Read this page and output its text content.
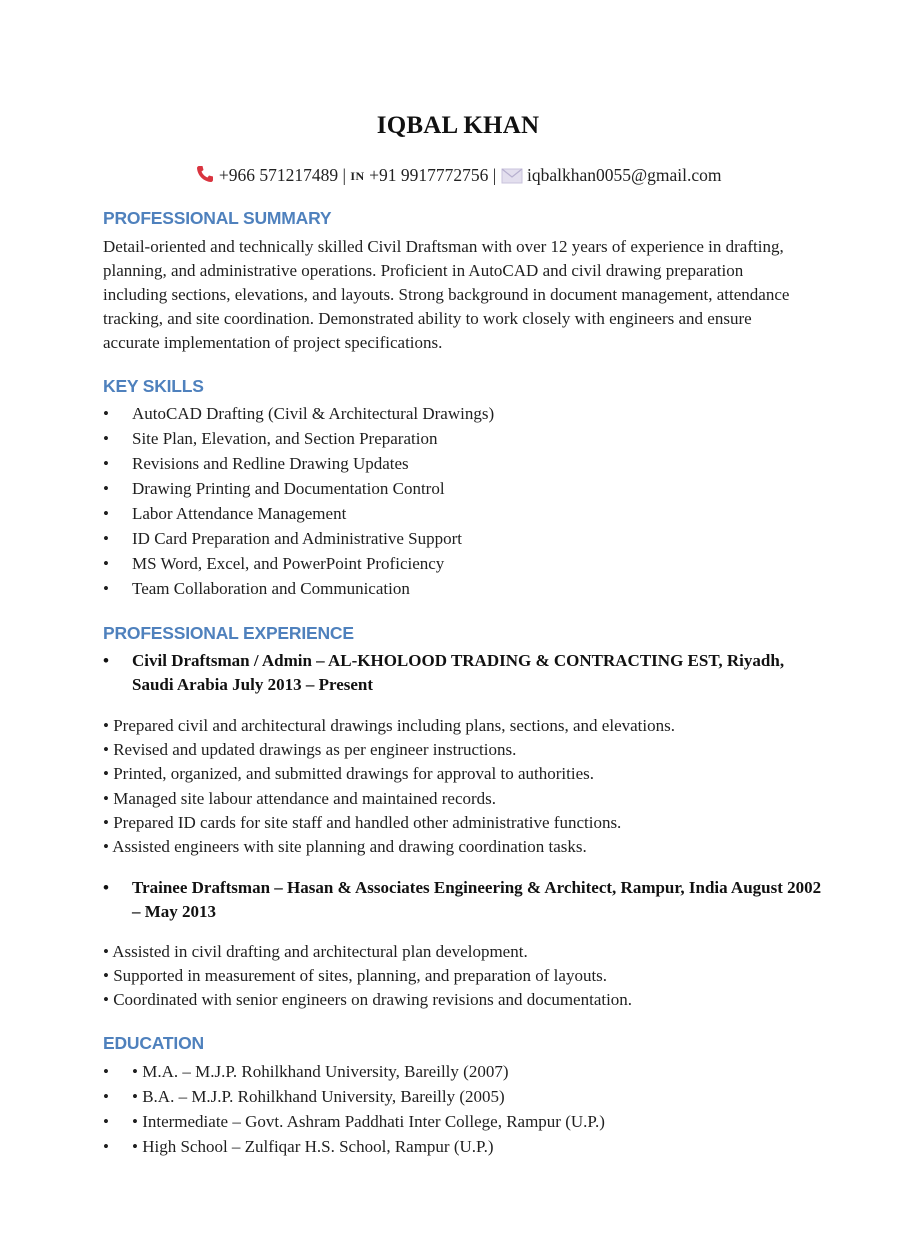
IQBAL KHAN
+966 571217489 | IN +91 9917772756 | iqbalkhan0055@gmail.com
PROFESSIONAL SUMMARY
Detail-oriented and technically skilled Civil Draftsman with over 12 years of experience in drafting, planning, and administrative operations. Proficient in AutoCAD and civil drawing preparation including sections, elevations, and layouts. Strong background in document management, attendance tracking, and site coordination. Demonstrated ability to work closely with engineers and ensure accurate implementation of project specifications.
KEY SKILLS
• AutoCAD Drafting (Civil & Architectural Drawings)
• Site Plan, Elevation, and Section Preparation
• Revisions and Redline Drawing Updates
• Drawing Printing and Documentation Control
• Labor Attendance Management
• ID Card Preparation and Administrative Support
• MS Word, Excel, and PowerPoint Proficiency
• Team Collaboration and Communication
PROFESSIONAL EXPERIENCE
• Civil Draftsman / Admin – AL-KHOLOOD TRADING & CONTRACTING EST, Riyadh, Saudi Arabia July 2013 – Present
• Prepared civil and architectural drawings including plans, sections, and elevations.
• Revised and updated drawings as per engineer instructions.
• Printed, organized, and submitted drawings for approval to authorities.
• Managed site labour attendance and maintained records.
• Prepared ID cards for site staff and handled other administrative functions.
• Assisted engineers with site planning and drawing coordination tasks.
• Trainee Draftsman – Hasan & Associates Engineering & Architect, Rampur, India August 2002 – May 2013
• Assisted in civil drafting and architectural plan development.
• Supported in measurement of sites, planning, and preparation of layouts.
• Coordinated with senior engineers on drawing revisions and documentation.
EDUCATION
• • M.A. – M.J.P. Rohilkhand University, Bareilly (2007)
• • B.A. – M.J.P. Rohilkhand University, Bareilly (2005)
• • Intermediate – Govt. Ashram Paddhati Inter College, Rampur (U.P.)
• • High School – Zulfiqar H.S. School, Rampur (U.P.)
